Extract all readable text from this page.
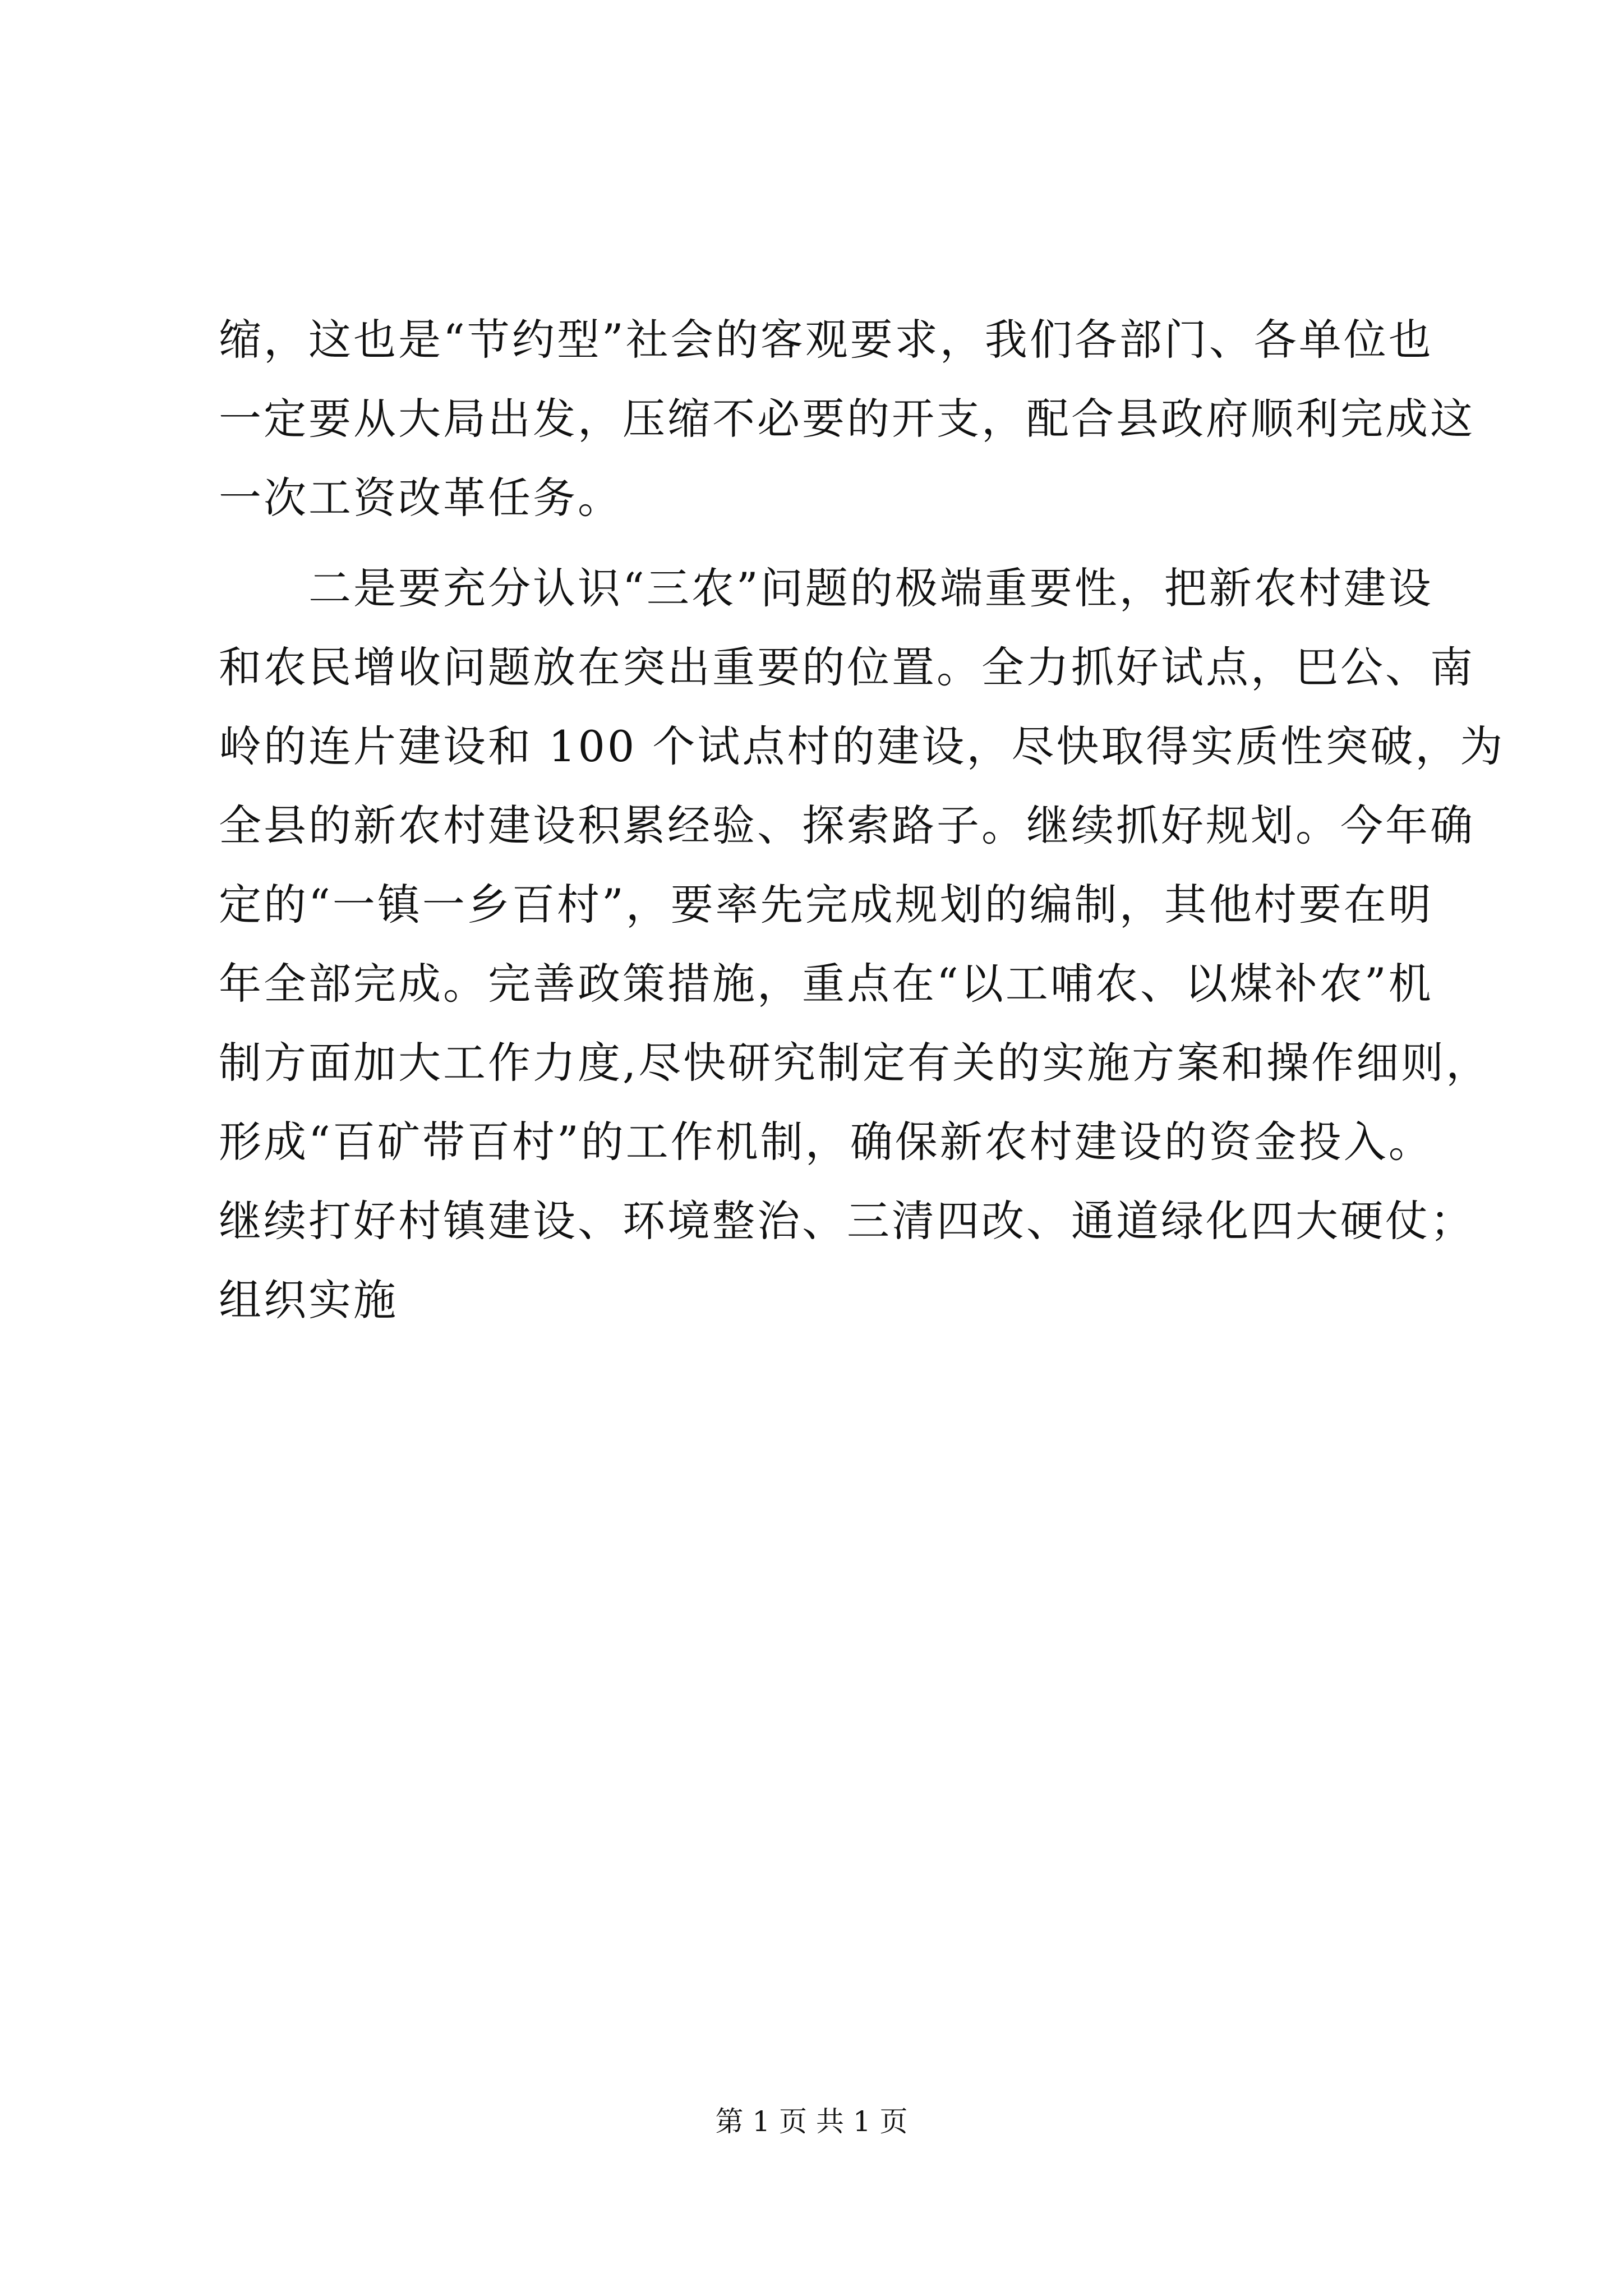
缩，这也是“节约型”社会的客观要求，我们各部门、各单位也
一定要从大局出发，压缩不必要的开支，配合县政府顺利完成这
一次工资改革任务。
　　二是要充分认识“三农”问题的极端重要性，把新农村建设
和农民增收问题放在突出重要的位置。全力抓好试点，巴公、南
岭的连片建设和 100 个试点村的建设，尽快取得实质性突破，为
全县的新农村建设积累经验、探索路子。继续抓好规划。今年确
定的“一镇一乡百村”，要率先完成规划的编制，其他村要在明
年全部完成。完善政策措施，重点在“以工哺农、以煤补农”机
制方面加大工作力度,尽快研究制定有关的实施方案和操作细则，
形成“百矿带百村”的工作机制，确保新农村建设的资金投入。
继续打好村镇建设、环境整治、三清四改、通道绿化四大硬仗；
组织实施
第 1 页 共 1 页
